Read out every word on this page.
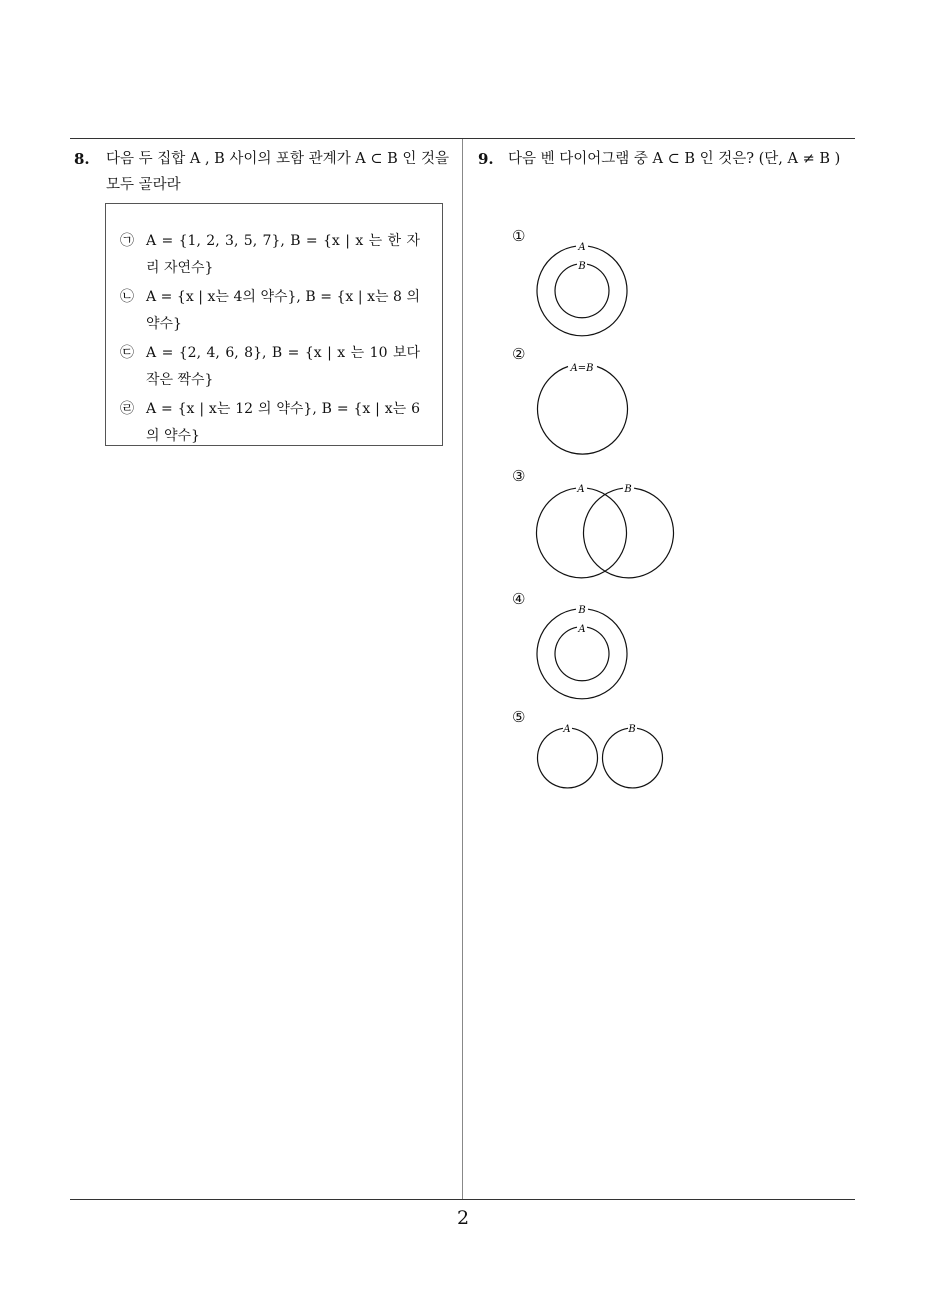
8. 다음 두 집합 A , B 사이의 포함 관계가 A ⊂ B 인 것을 모두 골라라
㉠ A = {1, 2, 3, 5, 7}, B = {x | x 는 한 자리 자연수}
㉡ A = {x | x는 4의 약수}, B = {x | x는 8 의 약수}
㉢ A = {2, 4, 6, 8}, B = {x | x 는 10 보다 작은 짝수}
㉣ A = {x | x는 12 의 약수}, B = {x | x는 6 의 약수}
9. 다음 벤 다이어그램 중 A ⊂ B 인 것은? (단, A ≠ B )
①
A
B
②
A=B
③
A	B
④
B
A
⑤
A	B
2
